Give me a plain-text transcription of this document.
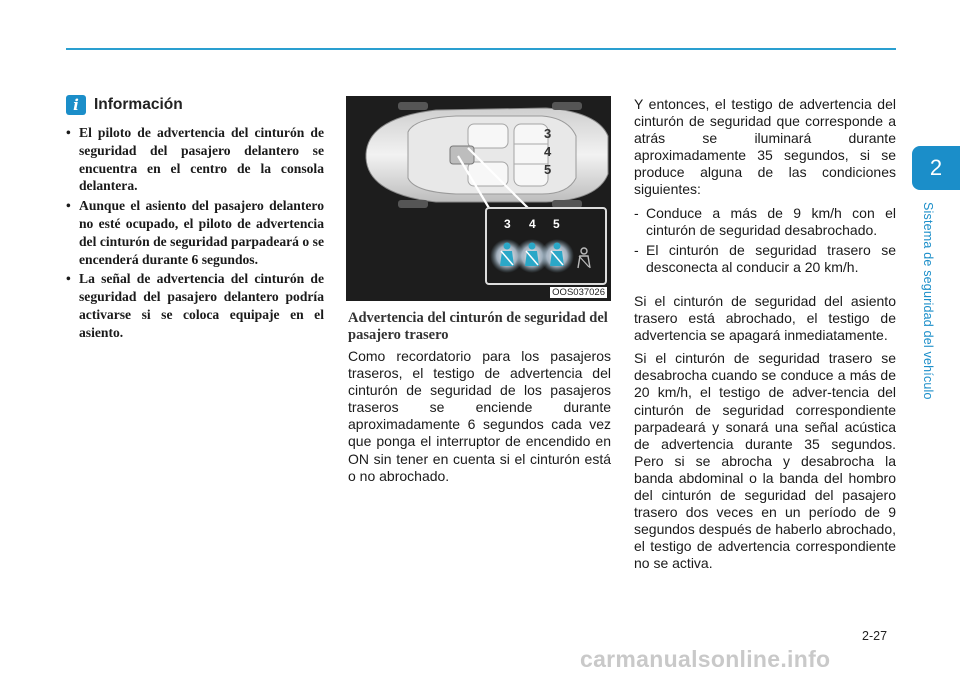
2
Sistema de seguridad del vehículo
i Información
• El piloto de advertencia del cinturón de seguridad del pasajero delantero se encuentra en el centro de la consola delantera.
• Aunque el asiento del pasajero delantero no esté ocupado, el piloto de advertencia del cinturón de seguridad parpadeará o se encenderá durante 6 segundos.
• La señal de advertencia del cinturón de seguridad del pasajero delantero podría activarse si se coloca equipaje en el asiento.
3
4
5
3 4 5
OOS037026
Advertencia del cinturón de seguridad del pasajero trasero

Como recordatorio para los pasajeros traseros, el testigo de advertencia del cinturón de seguridad de los pasajeros traseros se enciende durante aproximadamente 6 segundos cada vez que ponga el interruptor de encendido en ON sin tener en cuenta si el cinturón está o no abrochado.

Y entonces, el testigo de advertencia del cinturón de seguridad que corresponde a atrás se iluminará durante aproximadamente 35 segundos, si se produce alguna de las condiciones siguientes:

- Conduce a más de 9 km/h con el cinturón de seguridad desabrochado.
- El cinturón de seguridad trasero se desconecta al conducir a 20 km/h.

Si el cinturón de seguridad del asiento trasero está abrochado, el testigo de advertencia se apagará inmediatamente.

Si el cinturón de seguridad trasero se desabrocha cuando se conduce a más de 20 km/h, el testigo de adver-tencia del cinturón de seguridad correspondiente parpadeará y sonará una señal acústica de advertencia durante 35 segundos. Pero si se abrocha y desabrocha la banda abdominal o la banda del hombro del cinturón de seguridad del pasajero trasero dos veces en un período de 9 segundos después de haberlo abrochado, el testigo de advertencia correspondiente no se activa.

2-27
carmanualsonline.info
